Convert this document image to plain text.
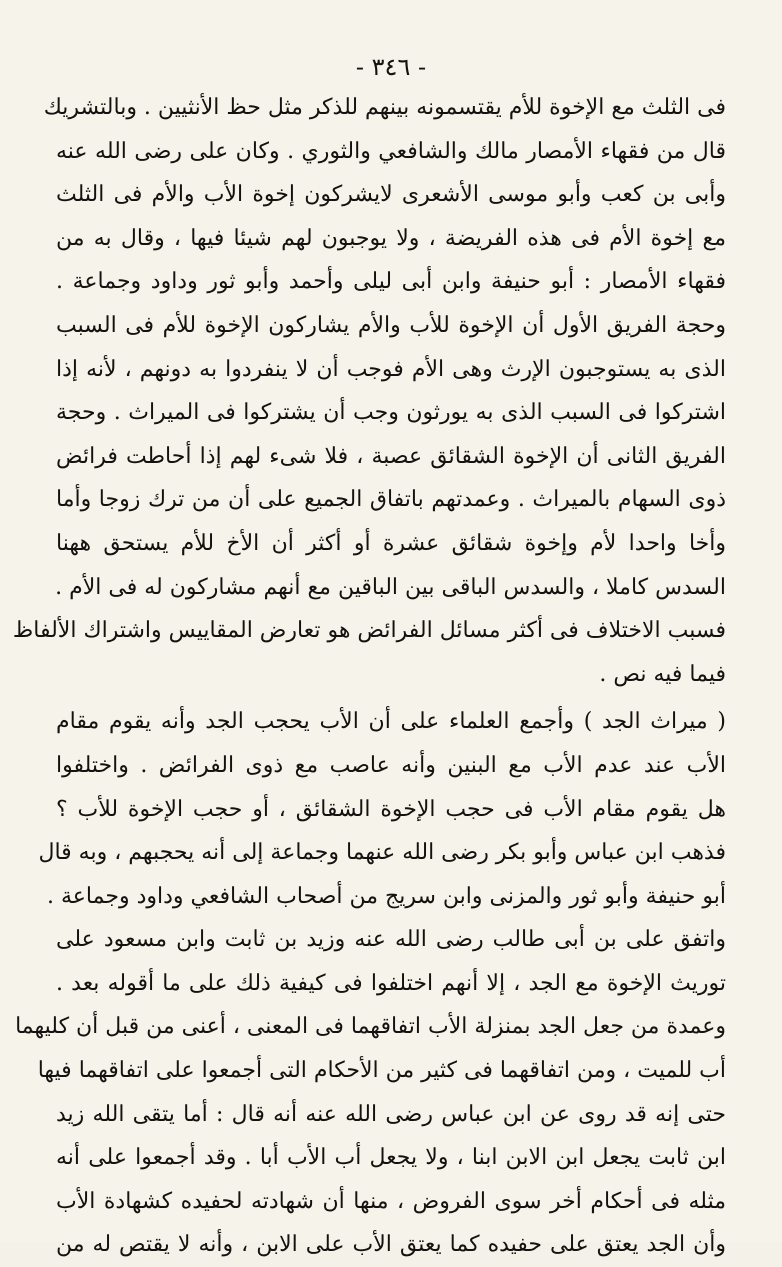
- ٣٤٦ -
فى الثلث مع الإخوة للأم يقتسمونه بينهم للذكر مثل حظ الأنثيين . وبالتشريك
قال من فقهاء الأمصار مالك والشافعي والثوري . وكان على رضى الله عنه
وأبى بن كعب وأبو موسى الأشعرى لايشركون إخوة الأب والأم فى الثلث
مع إخوة الأم فى هذه الفريضة ، ولا يوجبون لهم شيئا فيها ، وقال به من
فقهاء الأمصار : أبو حنيفة وابن أبى ليلى وأحمد وأبو ثور وداود وجماعة .
وحجة الفريق الأول أن الإخوة للأب والأم يشاركون الإخوة للأم فى السبب
الذى به يستوجبون الإرث وهى الأم فوجب أن لا ينفردوا به دونهم ، لأنه إذا
اشتركوا فى السبب الذى به يورثون وجب أن يشتركوا فى الميراث . وحجة
الفريق الثانى أن الإخوة الشقائق عصبة ، فلا شىء لهم إذا أحاطت فرائض
ذوى السهام بالميراث . وعمدتهم باتفاق الجميع على أن من ترك زوجا وأما
وأخا واحدا لأم وإخوة شقائق عشرة أو أكثر أن الأخ للأم يستحق ههنا
السدس كاملا ، والسدس الباقى بين الباقين مع أنهم مشاركون له فى الأم .
فسبب الاختلاف فى أكثر مسائل الفرائض هو تعارض المقاييس واشتراك الألفاظ
فيما فيه نص .
( ميراث الجد ) وأجمع العلماء على أن الأب يحجب الجد وأنه يقوم مقام
الأب عند عدم الأب مع البنين وأنه عاصب مع ذوى الفرائض . واختلفوا
هل يقوم مقام الأب فى حجب الإخوة الشقائق ، أو حجب الإخوة للأب ؟
فذهب ابن عباس وأبو بكر رضى الله عنهما وجماعة إلى أنه يحجبهم ، وبه قال
أبو حنيفة وأبو ثور والمزنى وابن سريج من أصحاب الشافعي وداود وجماعة .
واتفق على بن أبى طالب رضى الله عنه وزيد بن ثابت وابن مسعود على
توريث الإخوة مع الجد ، إلا أنهم اختلفوا فى كيفية ذلك على ما أقوله بعد .
وعمدة من جعل الجد بمنزلة الأب اتفاقهما فى المعنى ، أعنى من قبل أن كليهما
أب للميت ، ومن اتفاقهما فى كثير من الأحكام التى أجمعوا على اتفاقهما فيها
حتى إنه قد روى عن ابن عباس رضى الله عنه أنه قال : أما يتقى الله زيد
ابن ثابت يجعل ابن الابن ابنا ، ولا يجعل أب الأب أبا . وقد أجمعوا على أنه
مثله فى أحكام أخر سوى الفروض ، منها أن شهادته لحفيده كشهادة الأب
وأن الجد يعتق على حفيده كما يعتق الأب على الابن ، وأنه لا يقتص له من
